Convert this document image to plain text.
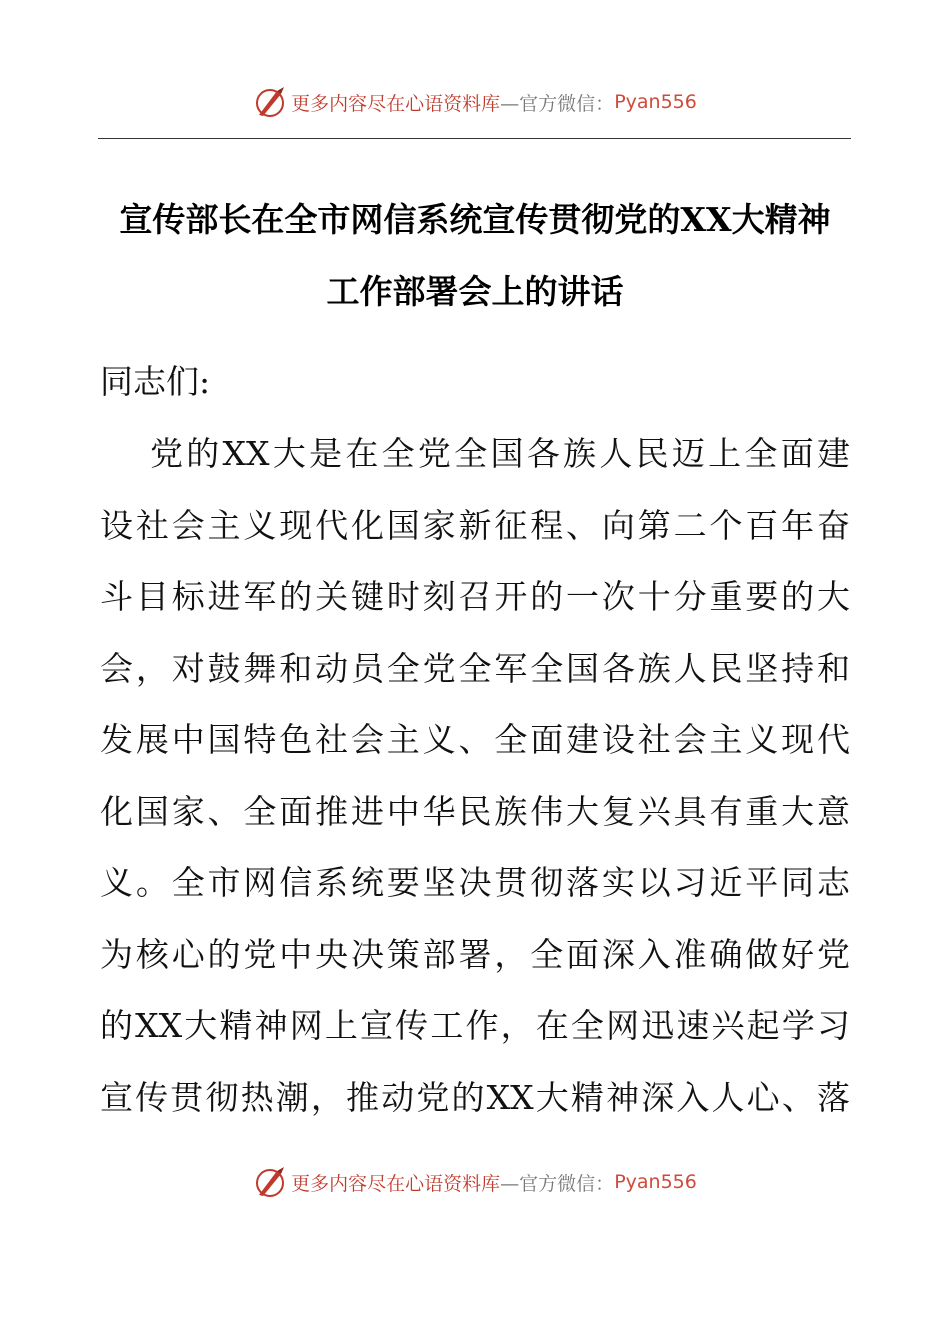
更多内容尽在心语资料库 —官方微信： Pyan556
宣传部长在全市网信系统宣传贯彻党的XX大精神
工作部署会上的讲话
同志们:
党的XX大是在全党全国各族人民迈上全面建
设社会主义现代化国家新征程、向第二个百年奋
斗目标进军的关键时刻召开的一次十分重要的大
会，对鼓舞和动员全党全军全国各族人民坚持和
发展中国特色社会主义、全面建设社会主义现代
化国家、全面推进中华民族伟大复兴具有重大意
义。全市网信系统要坚决贯彻落实以习近平同志
为核心的党中央决策部署，全面深入准确做好党
的XX大精神网上宣传工作，在全网迅速兴起学习
宣传贯彻热潮，推动党的XX大精神深入人心、落
更多内容尽在心语资料库 —官方微信： Pyan556
